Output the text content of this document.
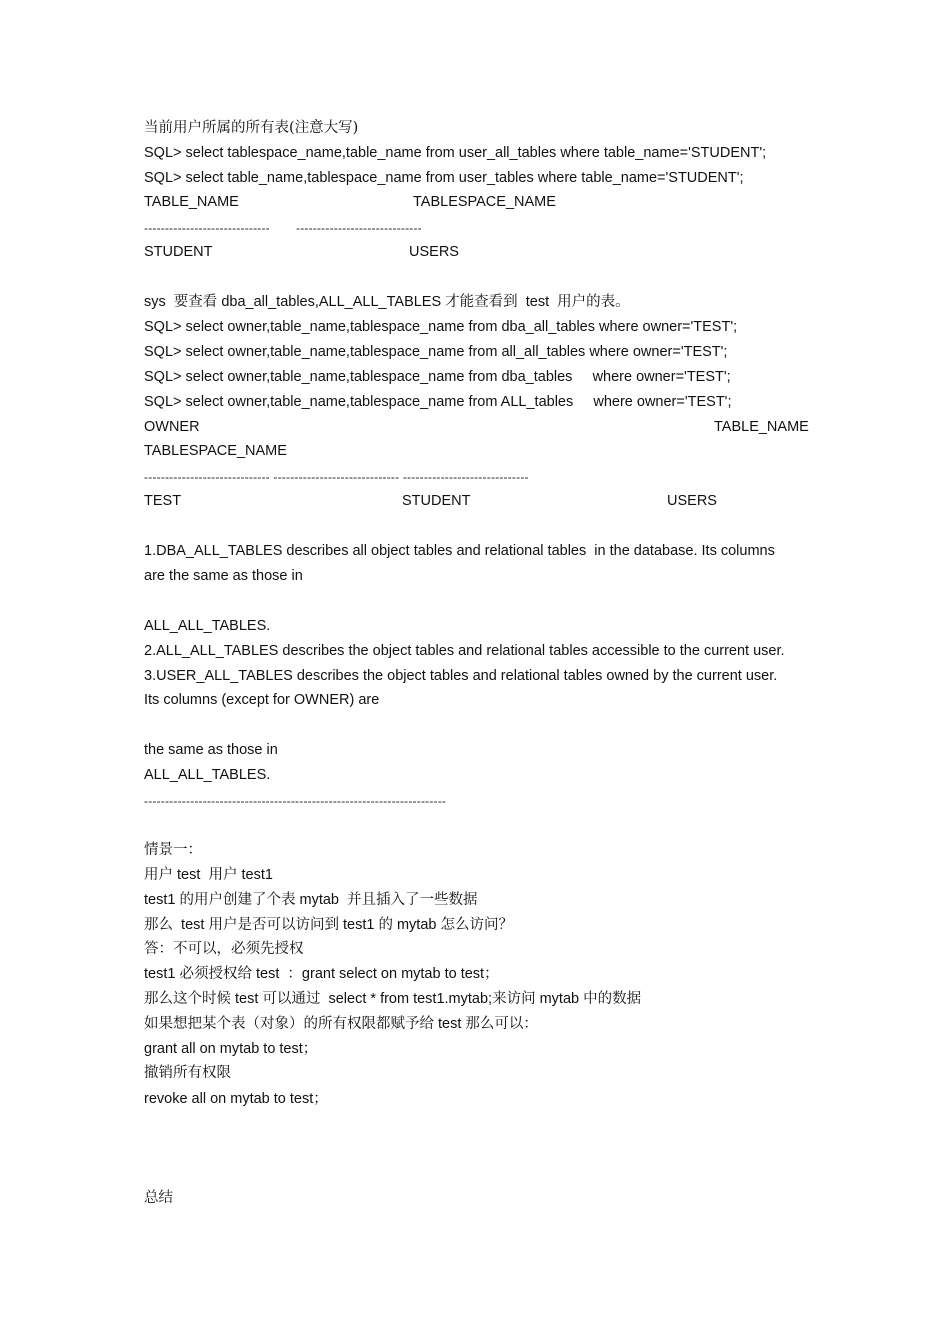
当前用户所属的所有表(注意大写)
SQL> select tablespace_name,table_name from user_all_tables where table_name='STUDENT';
SQL> select table_name,tablespace_name from user_tables where table_name='STUDENT';
TABLE_NAME	TABLESPACE_NAME
------------------------------ ------------------------------
STUDENT	USERS
sys  要查看 dba_all_tables,ALL_ALL_TABLES 才能查看到  test  用户的表。
SQL> select owner,table_name,tablespace_name from dba_all_tables where owner='TEST';
SQL> select owner,table_name,tablespace_name from all_all_tables where owner='TEST';
SQL> select owner,table_name,tablespace_name from dba_tables     where owner='TEST';
SQL> select owner,table_name,tablespace_name from ALL_tables     where owner='TEST';
OWNER	TABLE_NAME
TABLESPACE_NAME
------------------------------ ------------------------------ ------------------------------
TEST	STUDENT	USERS
1.DBA_ALL_TABLES describes all object tables and relational tables  in the database. Its columns
are the same as those in
ALL_ALL_TABLES.
2.ALL_ALL_TABLES describes the object tables and relational tables accessible to the current user.
3.USER_ALL_TABLES describes the object tables and relational tables owned by the current user.
Its columns (except for OWNER) are
the same as those in
ALL_ALL_TABLES.
------------------------------------------------------------------------
情景一：
用户 test  用户 test1
test1 的用户创建了个表 mytab  并且插入了一些数据
那么  test 用户是否可以访问到 test1 的 mytab 怎么访问？
答：不可以，必须先授权
test1 必须授权给 test  ：grant select on mytab to test；
那么这个时候 test 可以通过  select * from test1.mytab;来访问 mytab 中的数据
如果想把某个表（对象）的所有权限都赋予给 test 那么可以：
grant all on mytab to test；
撤销所有权限
revoke all on mytab to test；
总结
